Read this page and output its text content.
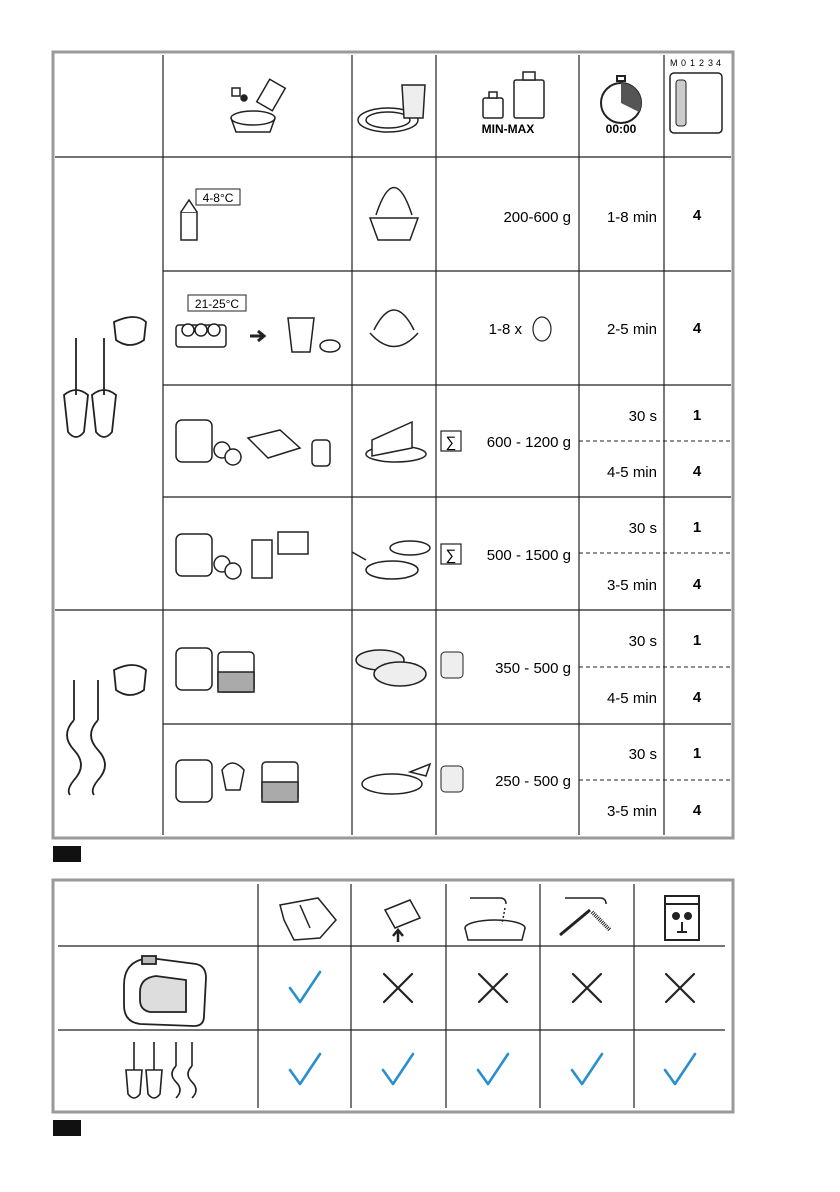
MIN-MAX	00:00
M 0 1 2 3 4
4-8°C
200-600 g 1-8 min 4
21-25°C
1-8 x	2-5 min 4
∑ 600 - 1200 g
30 s 1
4-5 min 4
∑ 500 - 1500 g
30 s 1
3-5 min 4
350 - 500 g
30 s 1
4-5 min 4
250 - 500 g
30 s 1
3-5 min 4
